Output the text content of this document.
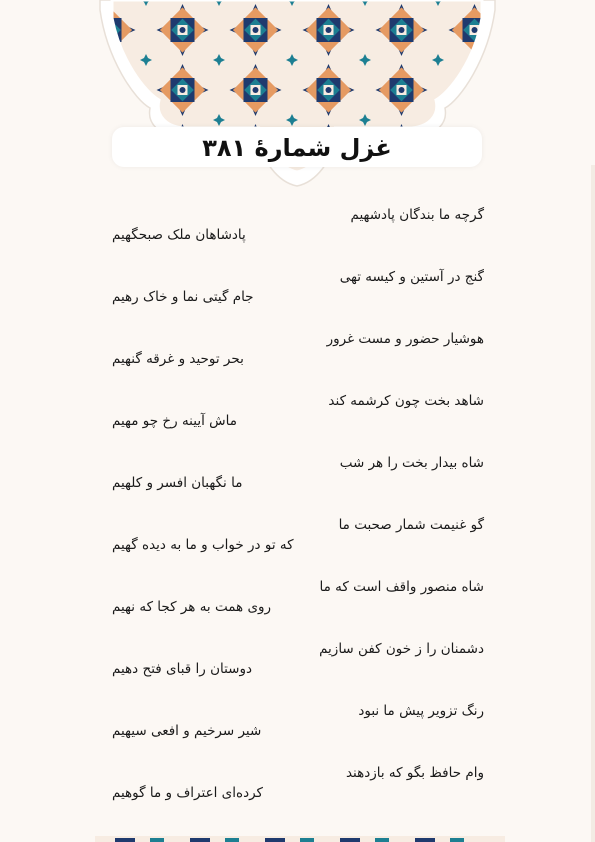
غزل شمارهٔ ۳۸۱
گرچه ما بندگان پادشهیم
پادشاهان ملک صبحگهیم
گنج در آستین و کیسه تهی
جام گیتی نما و خاک رهیم
هوشیار حضور و مست غرور
بحر توحید و غرقه گنهیم
شاهد بخت چون کرشمه کند
ماش آیینه رخ چو مهیم
شاه بیدار بخت را هر شب
ما نگهبان افسر و کلهیم
گو غنیمت شمار صحبت ما
که تو در خواب و ما به دیده گهیم
شاه منصور واقف است که ما
روی همت به هر کجا که نهیم
دشمنان را ز خون کفن سازیم
دوستان را قبای فتح دهیم
رنگ تزویر پیش ما نبود
شیر سرخیم و افعی سیهیم
وام حافظ بگو که بازدهند
کرده‌ای اعتراف و ما گوهیم
